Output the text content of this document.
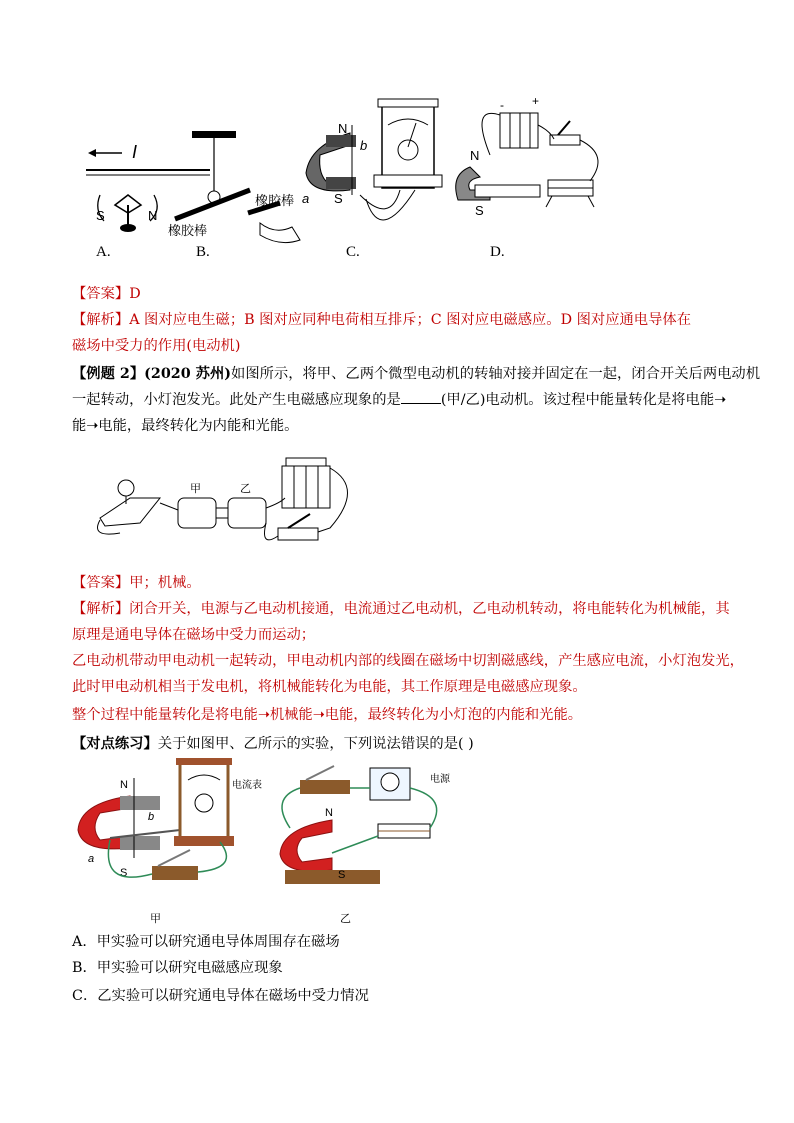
I
S	N
橡胶棒
橡胶棒
N
b
a S
- +
N
S
A.	B.	C.	D.
【答案】D
【解析】A 图对应电生磁；B 图对应同种电荷相互排斥；C 图对应电磁感应。D 图对应通电导体在
磁场中受力的作用(电动机)
【例题 2】(2020 苏州)如图所示，将甲、乙两个微型电动机的转轴对接并固定在一起，闭合开关后两电动机
一起转动，小灯泡发光。此处产生电磁感应现象的是	(甲/乙)电动机。该过程中能量转化是将电能➝
能➝电能，最终转化为内能和光能。
甲	乙
【答案】甲；机械。
【解析】闭合开关，电源与乙电动机接通，电流通过乙电动机，乙电动机转动，将电能转化为机械能，其
原理是通电导体在磁场中受力而运动；
乙电动机带动甲电动机一起转动，甲电动机内部的线圈在磁场中切割磁感线，产生感应电流，小灯泡发光，
此时甲电动机相当于发电机，将机械能转化为电能，其工作原理是电磁感应现象。
整个过程中能量转化是将电能➝机械能➝电能，最终转化为小灯泡的内能和光能。
【对点练习】关于如图甲、乙所示的实验，下列说法错误的是( )
N
b
a
S
电流表
电源
N
S
甲	乙
A．甲实验可以研究通电导体周围存在磁场
B．甲实验可以研究电磁感应现象
C．乙实验可以研究通电导体在磁场中受力情况
